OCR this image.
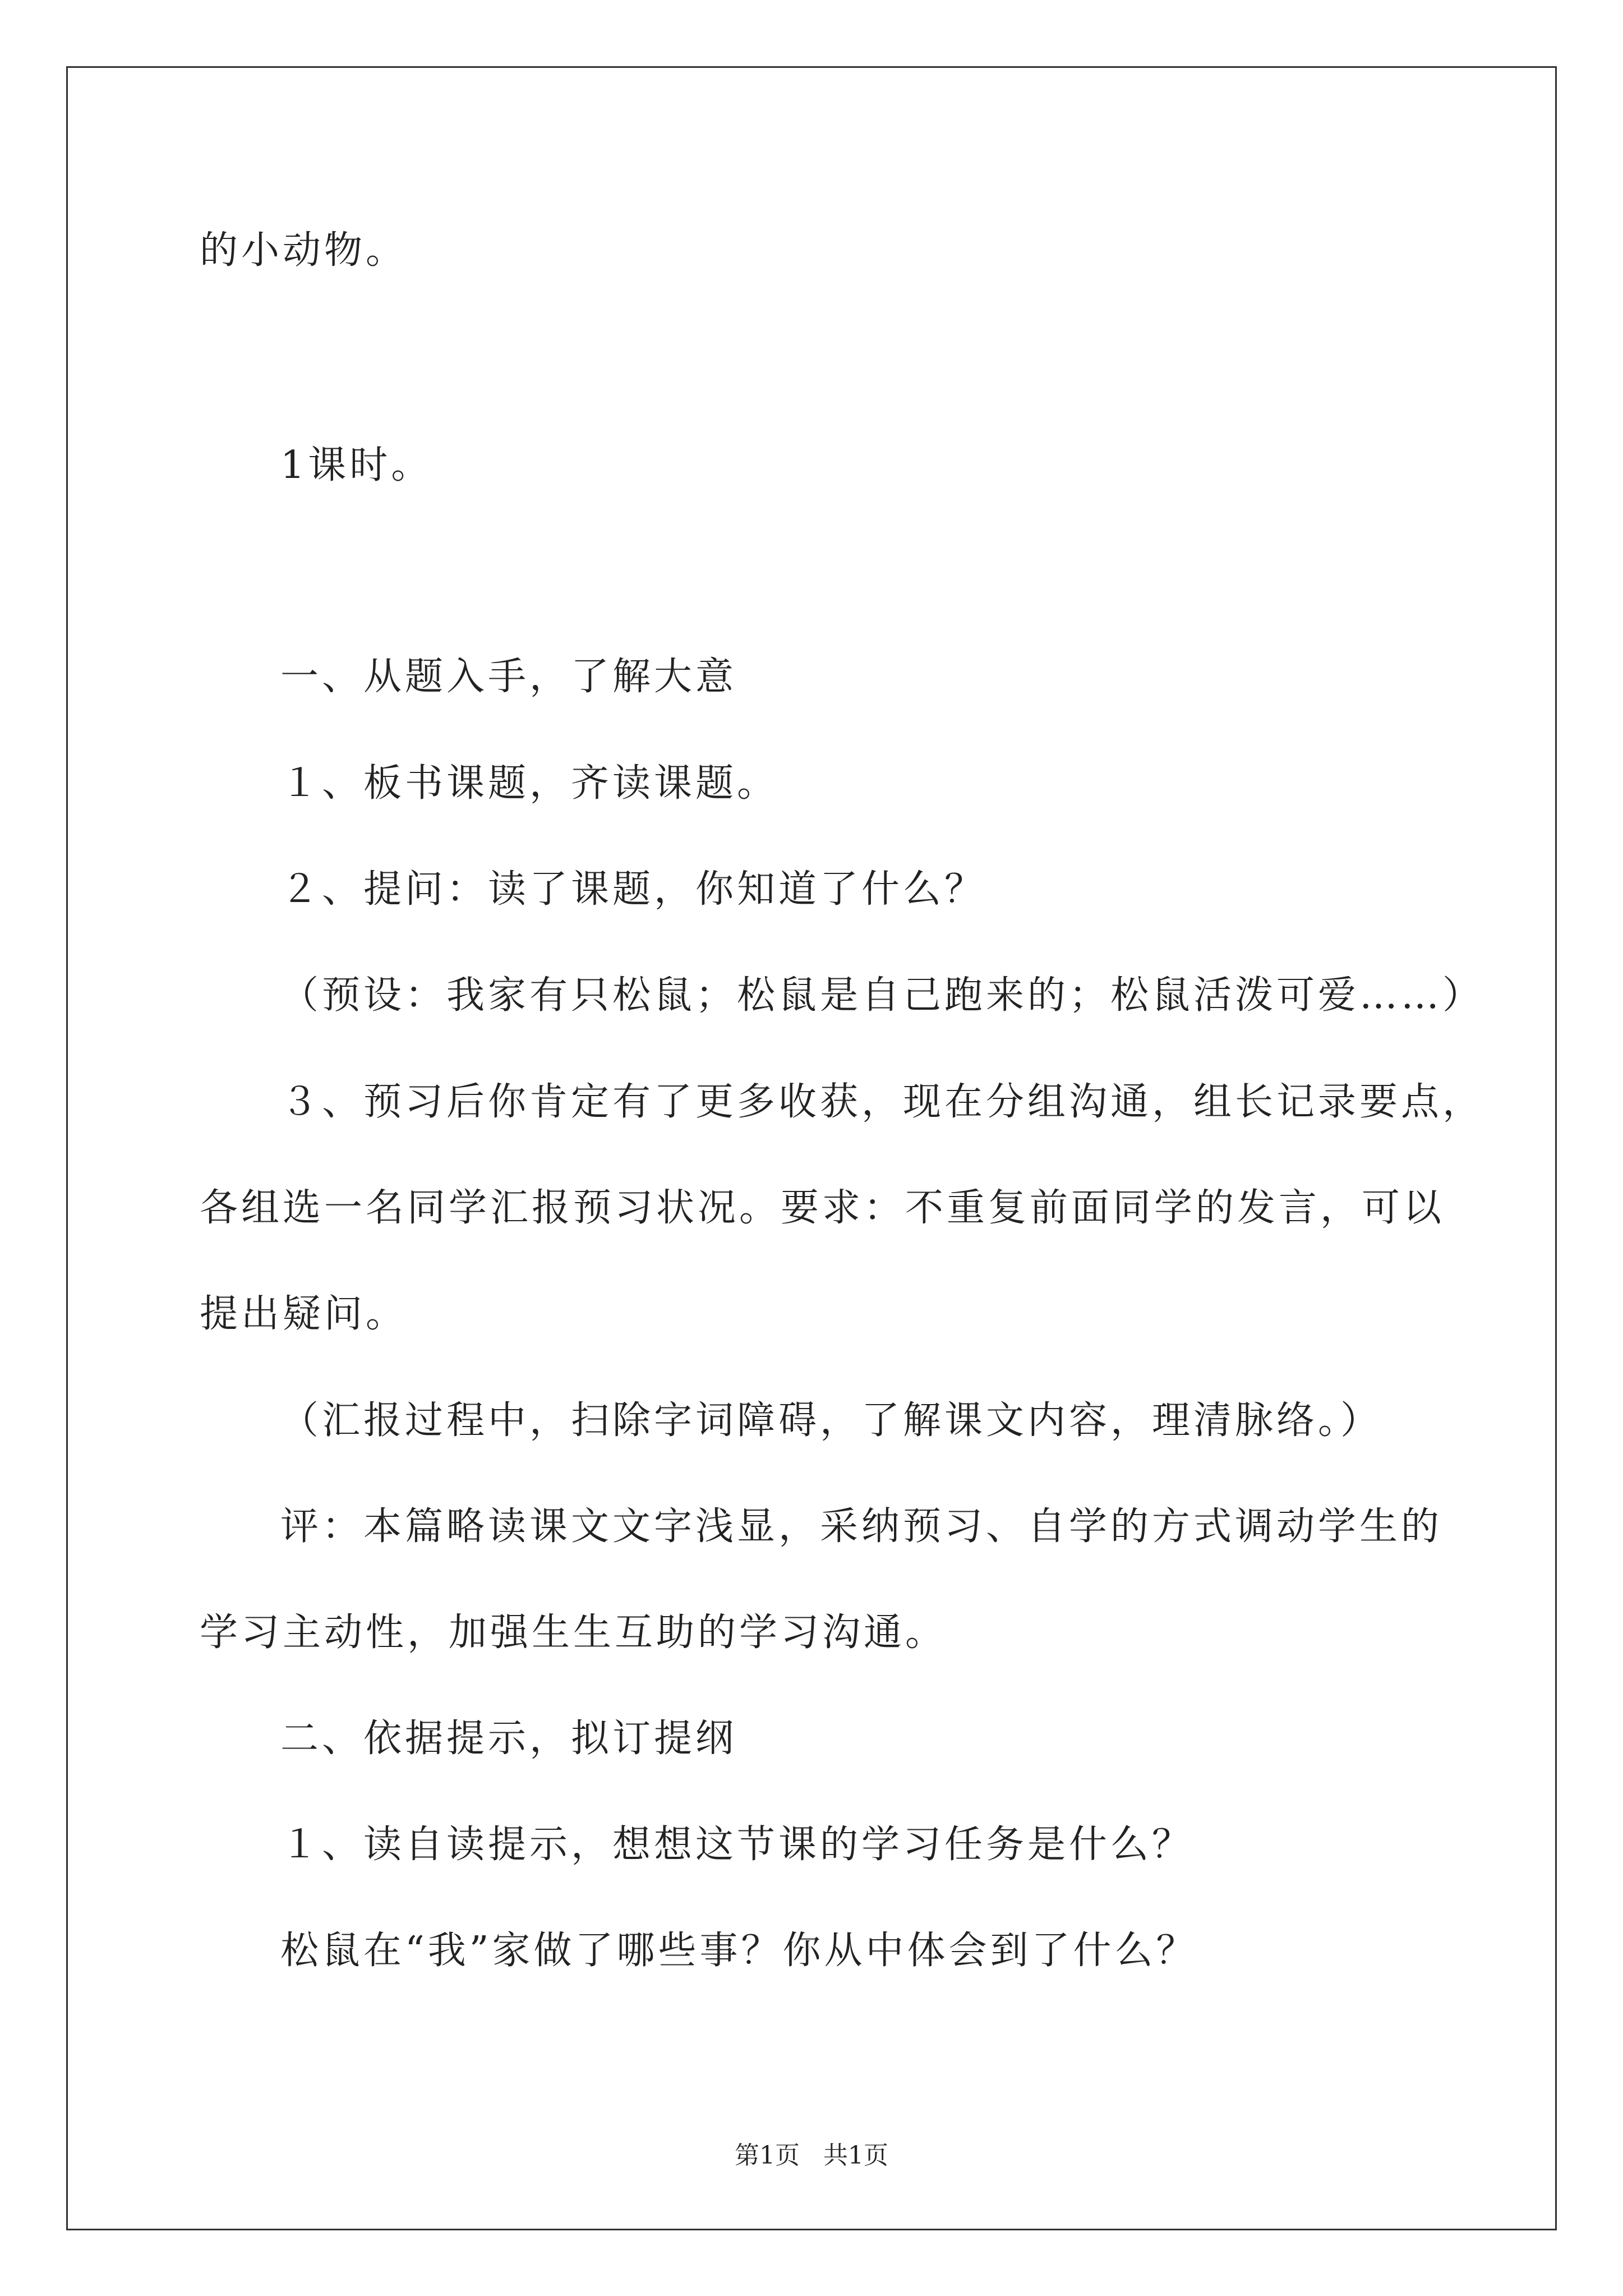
的小动物。
1课时。
一、从题入手，了解大意
１、板书课题，齐读课题。
２、提问：读了课题，你知道了什么？
（预设：我家有只松鼠；松鼠是自己跑来的；松鼠活泼可爱……）
３、预习后你肯定有了更多收获，现在分组沟通，组长记录要点，
各组选一名同学汇报预习状况。要求：不重复前面同学的发言，可以
提出疑问。
（汇报过程中，扫除字词障碍，了解课文内容，理清脉络。）
评：本篇略读课文文字浅显，采纳预习、自学的方式调动学生的
学习主动性，加强生生互助的学习沟通。
二、依据提示，拟订提纲
１、读自读提示，想想这节课的学习任务是什么？
松鼠在“我”家做了哪些事？你从中体会到了什么？
第1页   共1页
